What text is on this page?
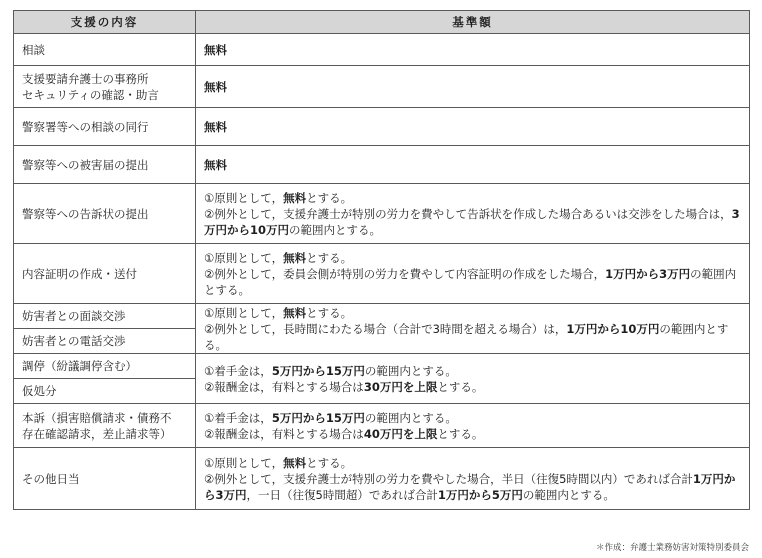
支援の内容	基準額
相談	無料

支援要請弁護士の事務所
セキュリティの確認・助言	無料
警察署等への相談の同行	無料
警察等への被害届の提出	無料
警察等への告訴状の提出	①原則として，無料とする。
②例外として，支援弁護士が特別の労力を費やして告訴状を作成した場合あるいは交渉をした場合は，3万円から10万円の範囲内とする。

内容証明の作成・送付	①原則として，無料とする。
②例外として，委員会側が特別の労力を費やして内容証明の作成をした場合，1万円から3万円の範囲内とする。

妨害者との面談交渉	①原則として，無料とする。
②例外として，長時間にわたる場合（合計で3時間を超える場合）は，1万円から10万円の範囲内とする。

妨害者との電話交渉	
調停（紛議調停含む）	①着手金は，5万円から15万円の範囲内とする。
②報酬金は，有料とする場合は30万円を上限とする。

仮処分	

本訴（損害賠償請求・債務不
存在確認請求，差止請求等）	①着手金は，5万円から15万円の範囲内とする。
②報酬金は，有料とする場合は40万円を上限とする。

その他日当	①原則として，無料とする。
②例外として，支援弁護士が特別の労力を費やした場合，半日（往復5時間以内）であれば合計1万円から3万円，一日（往復5時間超）であれば合計1万円から5万円の範囲内とする。
＊作成：弁護士業務妨害対策特別委員会
